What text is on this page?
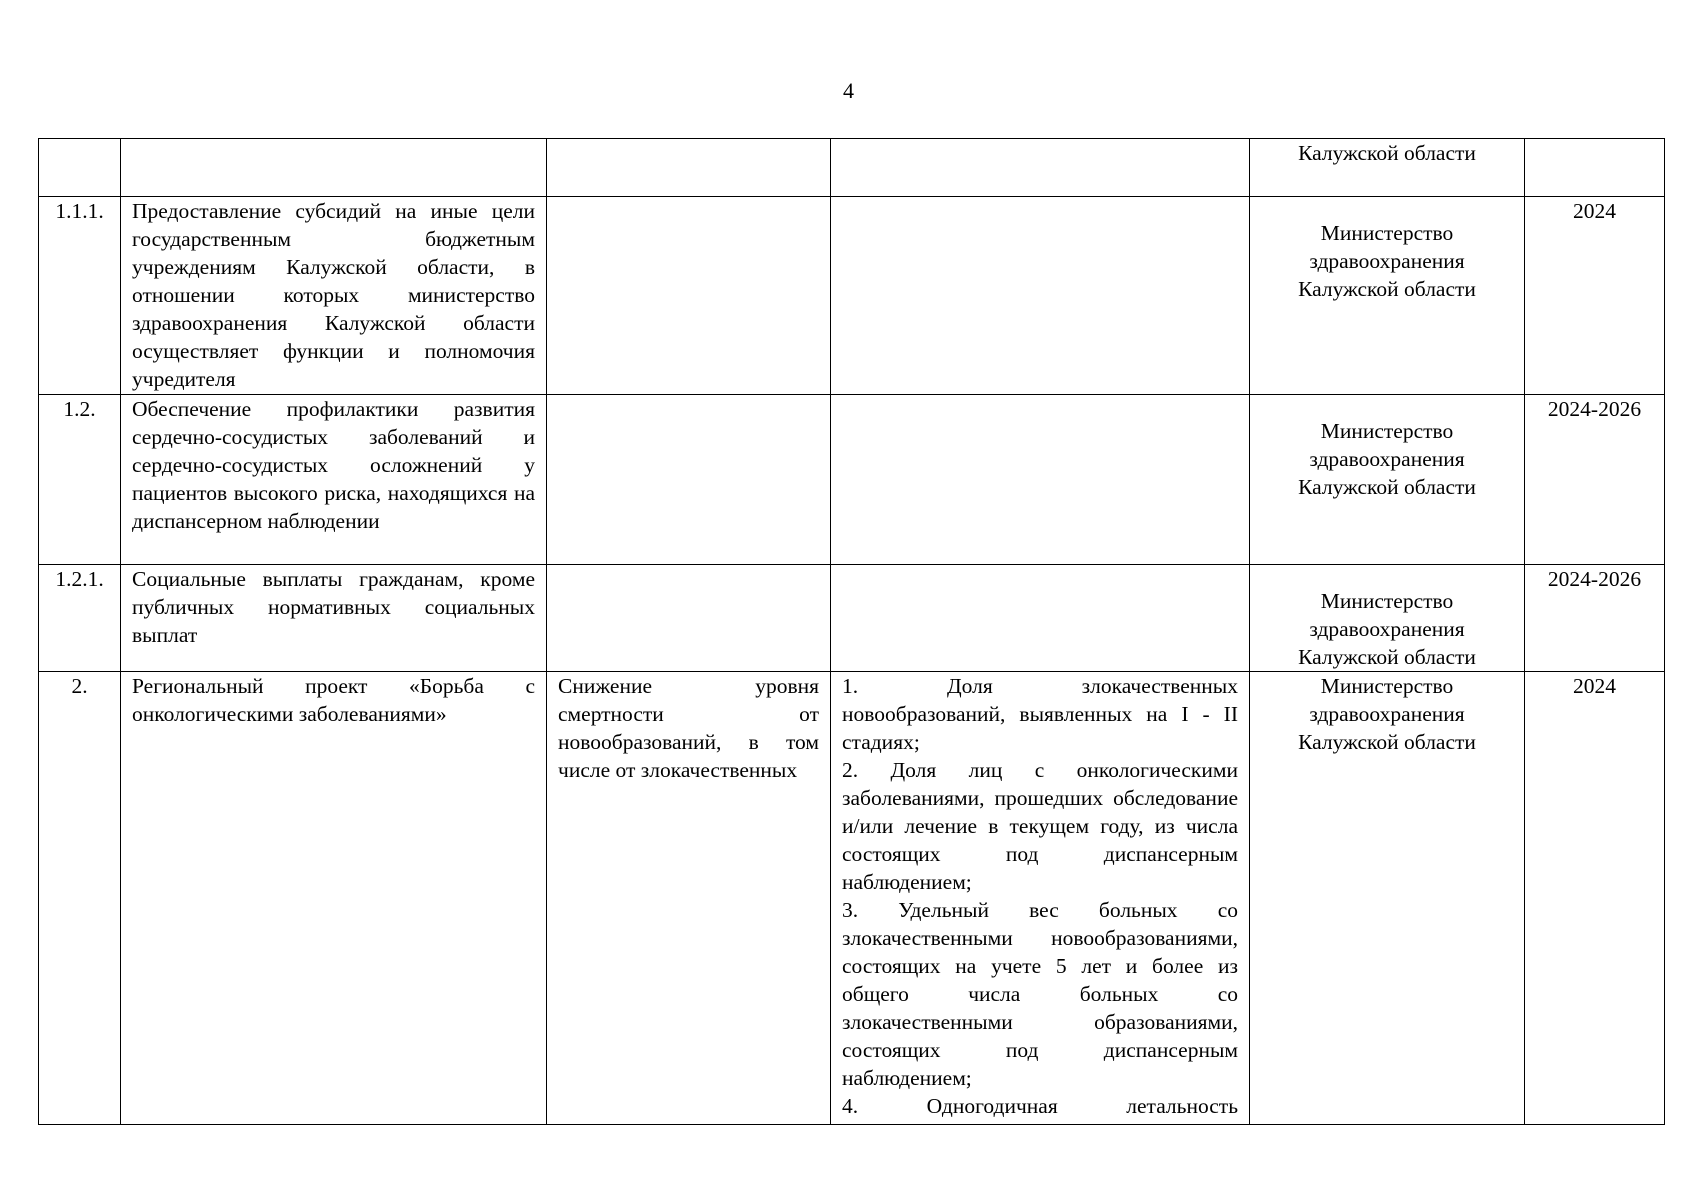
4

				Калужской области	

1.1.1.	Предоставление субсидий на иные цели государственным бюджетным учреждениям Калужской области, в отношении которых министерство здравоохранения Калужской области осуществляет функции и полномочия учредителя			Министерство здравоохранения Калужской области	2024
1.2.	Обеспечение профилактики развития сердечно-сосудистых заболеваний и сердечно-сосудистых осложнений у пациентов высокого риска, находящихся на диспансерном наблюдении			Министерство здравоохранения Калужской области	2024-2026
1.2.1.	Социальные выплаты гражданам, кроме публичных нормативных социальных выплат			Министерство здравоохранения Калужской области	2024-2026
2.	Региональный проект «Борьба с онкологическими заболеваниями»	Снижение уровня смертности от новообразований, в том числе от злокачественных	1. Доля злокачественных новообразований, выявленных на I - II стадиях;
2. Доля лиц с онкологическими заболеваниями, прошедших обследование и/или лечение в текущем году, из числа состоящих под диспансерным наблюдением;
3. Удельный вес больных со злокачественными новообразованиями, состоящих на учете 5 лет и более из общего числа больных со злокачественными образованиями, состоящих под диспансерным наблюдением;
4. Одногодичная летальность	Министерство здравоохранения Калужской области	2024
